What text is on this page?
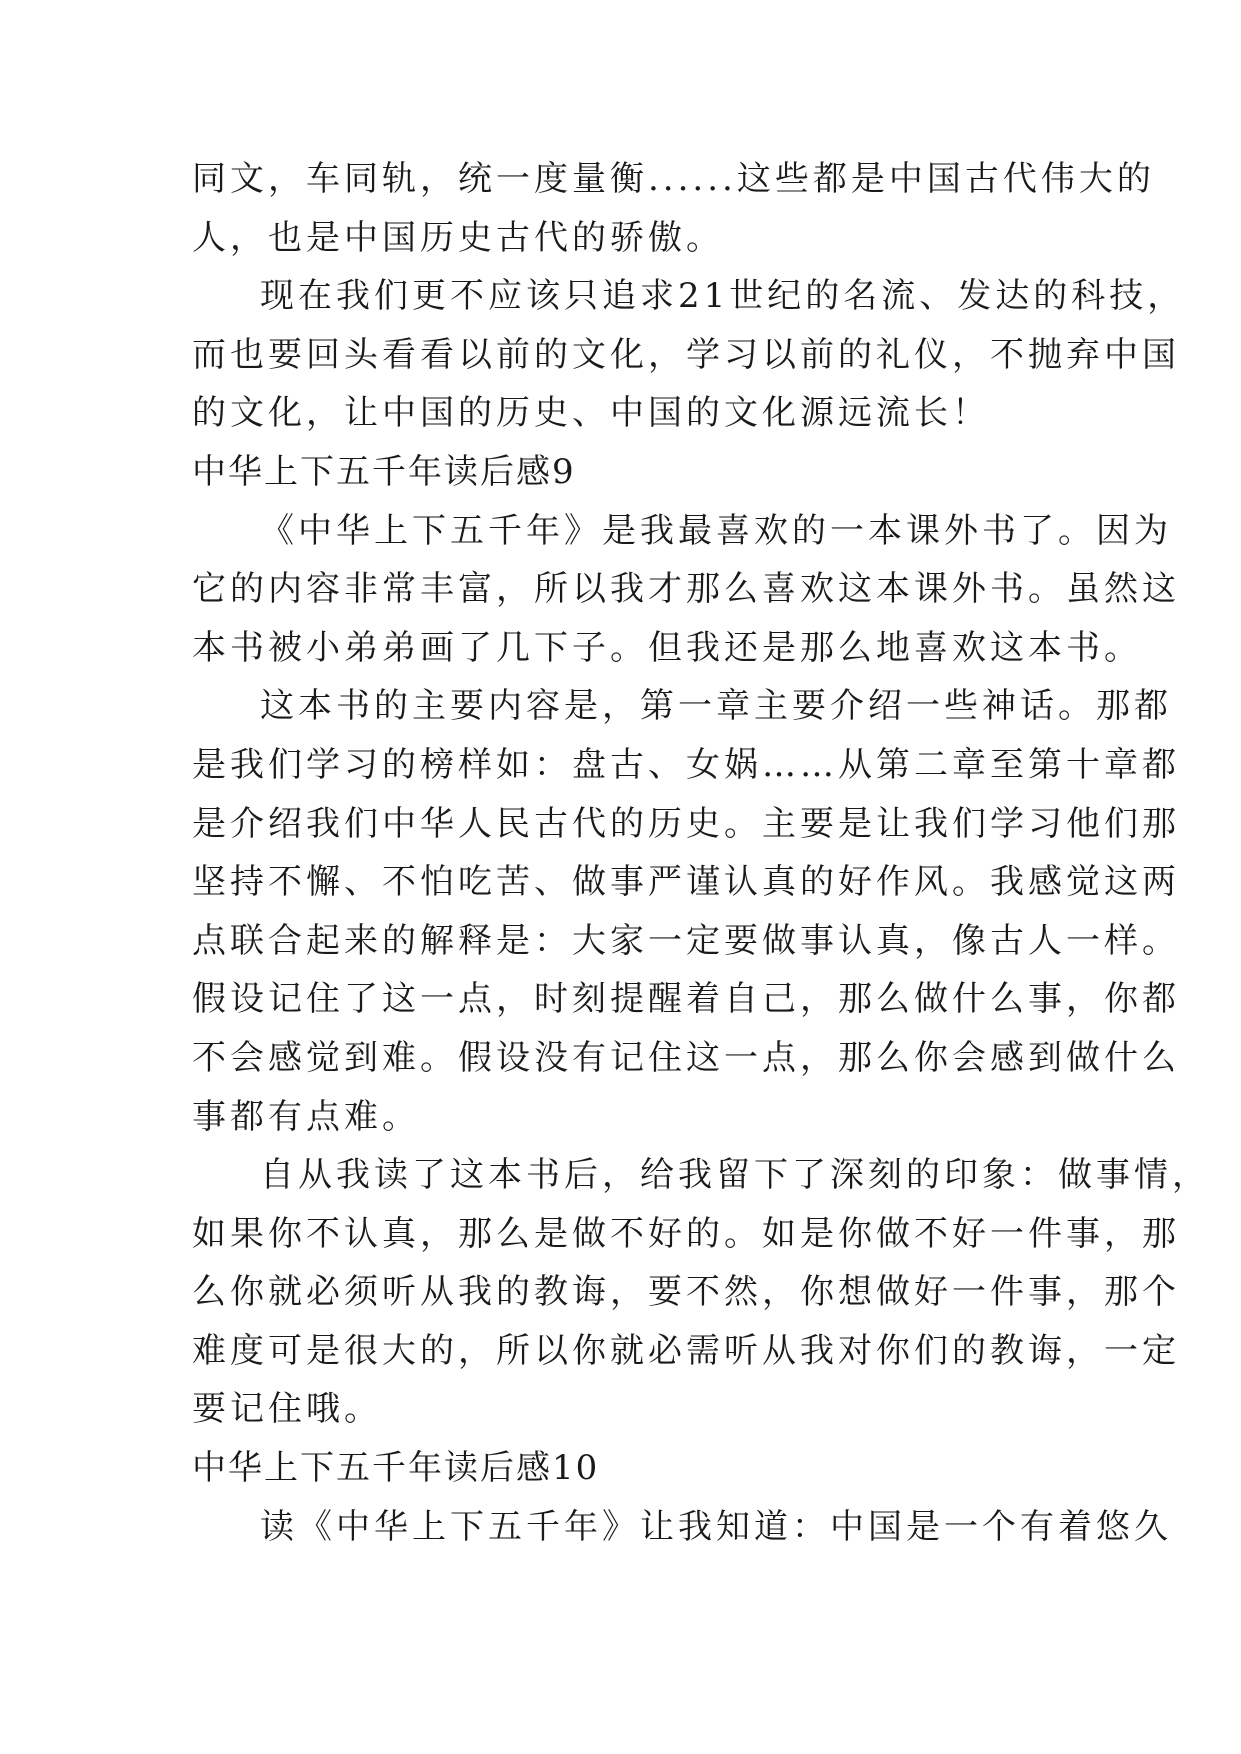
同文，车同轨，统一度量衡......这些都是中国古代伟大的
人，也是中国历史古代的骄傲。
现在我们更不应该只追求21世纪的名流、发达的科技，
而也要回头看看以前的文化，学习以前的礼仪，不抛弃中国
的文化，让中国的历史、中国的文化源远流长！
中华上下五千年读后感9
《中华上下五千年》是我最喜欢的一本课外书了。因为
它的内容非常丰富，所以我才那么喜欢这本课外书。虽然这
本书被小弟弟画了几下子。但我还是那么地喜欢这本书。
这本书的主要内容是，第一章主要介绍一些神话。那都
是我们学习的榜样如：盘古、女娲……从第二章至第十章都
是介绍我们中华人民古代的历史。主要是让我们学习他们那
坚持不懈、不怕吃苦、做事严谨认真的好作风。我感觉这两
点联合起来的解释是：大家一定要做事认真，像古人一样。
假设记住了这一点，时刻提醒着自己，那么做什么事，你都
不会感觉到难。假设没有记住这一点，那么你会感到做什么
事都有点难。
自从我读了这本书后，给我留下了深刻的印象：做事情，
如果你不认真，那么是做不好的。如是你做不好一件事，那
么你就必须听从我的教诲，要不然，你想做好一件事，那个
难度可是很大的，所以你就必需听从我对你们的教诲，一定
要记住哦。
中华上下五千年读后感10
读《中华上下五千年》让我知道：中国是一个有着悠久
